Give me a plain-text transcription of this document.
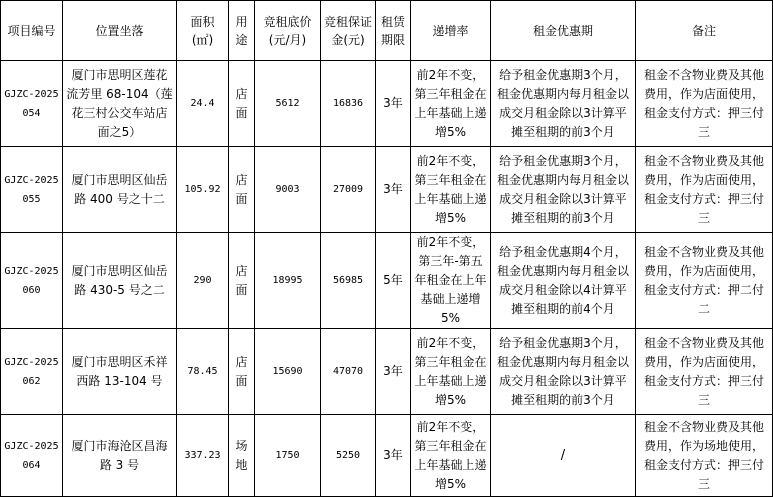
项目编号	位置坐落	面积(㎡)	用途	竞租底价(元/月)	竞租保证金(元)	租赁期限	递增率	租金优惠期	备注
GJZC-2025054	厦门市思明区莲花流芳里 68-104（莲花三村公交车站店面之5）	24.4	店面	5612	16836	3年	前2年不变，第三年租金在上年基础上递增5%	给予租金优惠期3个月，租金优惠期内每月租金以成交月租金除以3计算平摊至租期的前3个月	租金不含物业费及其他费用，作为店面使用，租金支付方式：押三付三
GJZC-2025055	厦门市思明区仙岳路 400 号之十二	105.92	店面	9003	27009	3年	前2年不变，第三年租金在上年基础上递增5%	给予租金优惠期3个月，租金优惠期内每月租金以成交月租金除以3计算平摊至租期的前3个月	租金不含物业费及其他费用，作为店面使用，租金支付方式：押三付三
GJZC-2025060	厦门市思明区仙岳路 430-5 号之二	290	店面	18995	56985	5年	前2年不变，第三年-第五年租金在上年基础上递增5%	给予租金优惠期4个月，租金优惠期内每月租金以成交月租金除以4计算平摊至租期的前4个月	租金不含物业费及其他费用，作为店面使用，租金支付方式：押二付二
GJZC-2025062	厦门市思明区禾祥西路 13-104 号	78.45	店面	15690	47070	3年	前2年不变，第三年租金在上年基础上递增5%	给予租金优惠期3个月，租金优惠期内每月租金以成交月租金除以3计算平摊至租期的前3个月	租金不含物业费及其他费用，作为店面使用，租金支付方式：押三付三
GJZC-2025064	厦门市海沧区昌海路 3 号	337.23	场地	1750	5250	3年	前2年不变，第三年租金在上年基础上递增5%	/	租金不含物业费及其他费用，作为场地使用，租金支付方式：押三付三
